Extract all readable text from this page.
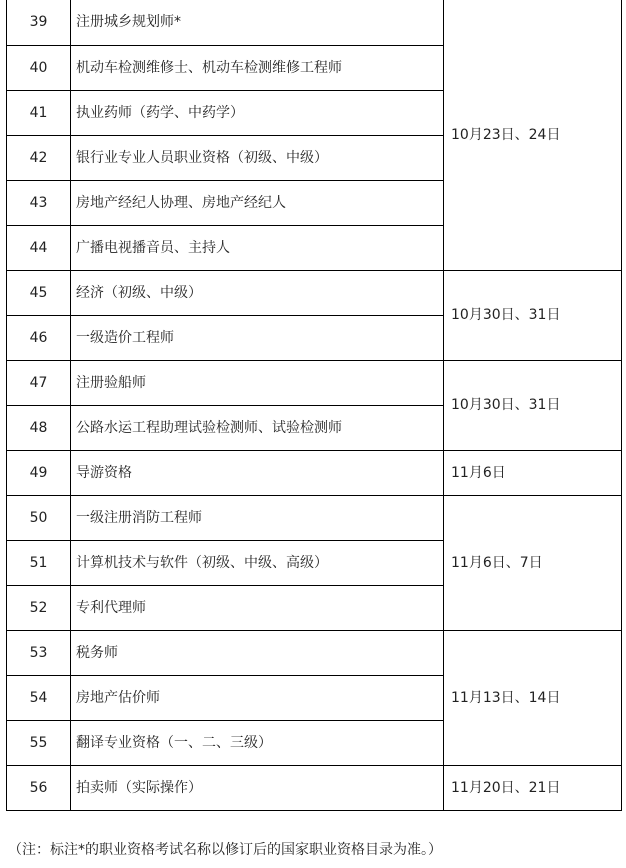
39	注册城乡规划师*	10月23日、24日
40	机动车检测维修士、机动车检测维修工程师	
41	执业药师（药学、中药学）	
42	银行业专业人员职业资格（初级、中级）	
43	房地产经纪人协理、房地产经纪人	
44	广播电视播音员、主持人	
45	经济（初级、中级）	10月30日、31日
46	一级造价工程师	
47	注册验船师	10月30日、31日
48	公路水运工程助理试验检测师、试验检测师	
49	导游资格	11月6日
50	一级注册消防工程师	11月6日、7日
51	计算机技术与软件（初级、中级、高级）	
52	专利代理师	
53	税务师	11月13日、14日
54	房地产估价师	
55	翻译专业资格（一、二、三级）	
56	拍卖师（实际操作）	11月20日、21日
（注：标注*的职业资格考试名称以修订后的国家职业资格目录为准。）
